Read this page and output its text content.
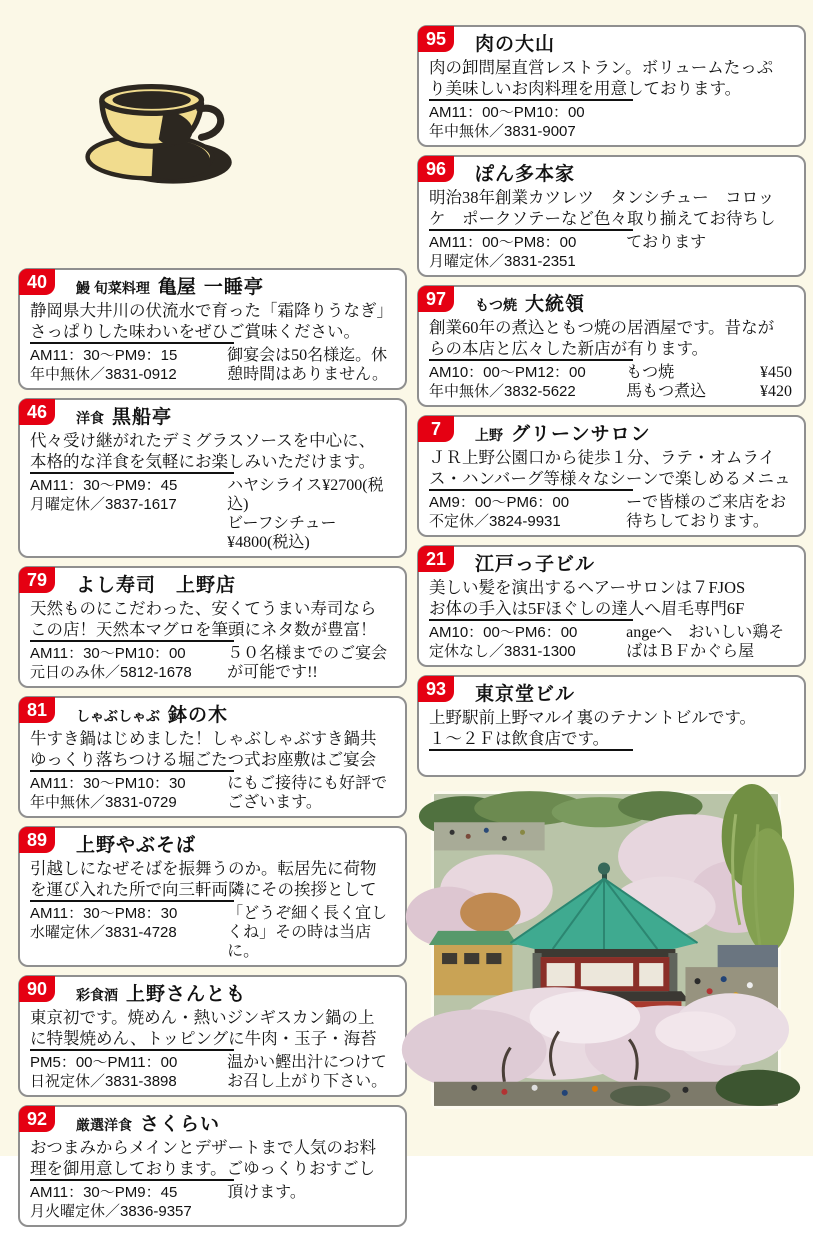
40	鰻 旬菜料理 亀屋 一睡亭
静岡県大井川の伏流水で育った「霜降りうなぎ」
さっぱりした味わいをぜひご賞味ください。
AM11：30〜PM9：15
年中無休／3831-0912
御宴会は50名様迄。休
憩時間はありません。
46	洋食 黒船亭
代々受け継がれたデミグラスソースを中心に、
本格的な洋食を気軽にお楽しみいただけます。
AM11：30〜PM9：45
月曜定休／3837-1617
ハヤシライス¥2700(税込)
ビーフシチュー¥4800(税込)
79	よし寿司　上野店
天然ものにこだわった、安くてうまい寿司なら
この店！天然本マグロを筆頭にネタ数が豊富！
AM11：30〜PM10：00
元日のみ休／5812-1678
５０名様までのご宴会
が可能です!!
81	しゃぶしゃぶ 鉢の木
牛すき鍋はじめました！しゃぶしゃぶすき鍋共
ゆっくり落ちつける堀ごたつ式お座敷はご宴会
AM11：30〜PM10：30
年中無休／3831-0729
にもご接待にも好評で
ございます。
89	上野やぶそば
引越しになぜそばを振舞うのか。転居先に荷物
を運び入れた所で向三軒両隣にその挨拶として
AM11：30〜PM8：30
水曜定休／3831-4728
「どうぞ細く長く宜し
くね」その時は当店に。
90	彩食酒 上野さんとも
東京初です。焼めん・熱いジンギスカン鍋の上
に特製焼めん、トッピングに牛肉・玉子・海苔
PM5：00〜PM11：00
日祝定休／3831-3898
温かい鰹出汁につけて
お召し上がり下さい。
92	厳選洋食 さくらい
おつまみからメインとデザートまで人気のお料
理を御用意しております。ごゆっくりおすごし
AM11：30〜PM9：45
月火曜定休／3836-9357
頂けます。
95	肉の大山
肉の卸問屋直営レストラン。ボリュームたっぷ
り美味しいお肉料理を用意しております。
AM11：00〜PM10：00
年中無休／3831-9007
96	ぽん多本家
明治38年創業カツレツ　タンシチュー　コロッ
ケ　ポークソテーなど色々取り揃えてお待ちし
AM11：00〜PM8：00
月曜定休／3831-2351
ております
97	もつ焼 大統領
創業60年の煮込ともつ焼の居酒屋です。昔なが
らの本店と広々した新店が有ります。
AM10：00〜PM12：00
年中無休／3832-5622
もつ焼	¥450
馬もつ煮込	¥420
7	上野 グリーンサロン
ＪＲ上野公園口から徒歩１分、ラテ・オムライ
ス・ハンバーグ等様々なシーンで楽しめるメニュ
AM9：00〜PM6：00
不定休／3824-9931
ーで皆様のご来店をお
待ちしております。
21	江戸っ子ビル
美しい髪を演出するヘアーサロンは７FJOS
お体の手入は5Fほぐしの達人へ眉毛専門6F
AM10：00〜PM6：00
定休なし／3831-1300
angeへ　おいしい鶏そ
ばはＢＦかぐら屋
93	東京堂ビル
上野駅前上野マルイ裏のテナントビルです。
１〜２Ｆは飲食店です。
